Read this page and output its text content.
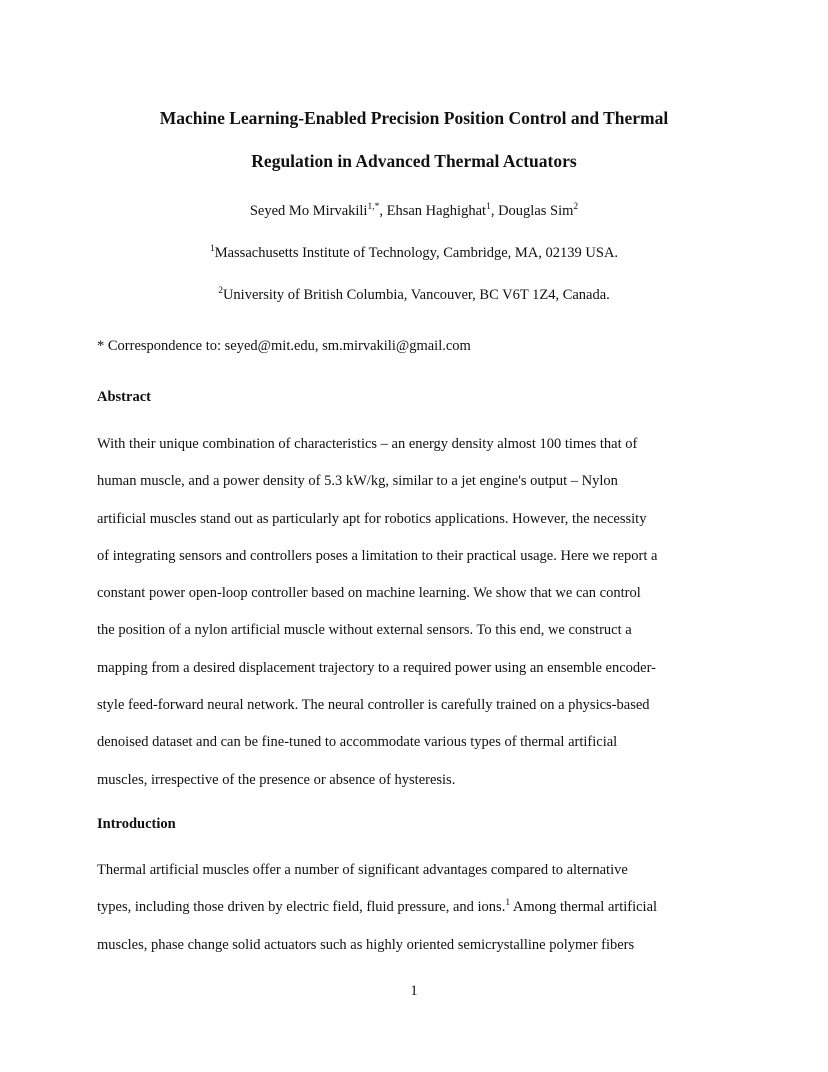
Machine Learning-Enabled Precision Position Control and Thermal
Regulation in Advanced Thermal Actuators
Seyed Mo Mirvakili$^{1,*}$, Ehsan Haghighat$^1$, Douglas Sim$^2$
$^1$Massachusetts Institute of Technology, Cambridge, MA, 02139 USA.
$^2$University of British Columbia, Vancouver, BC V6T 1Z4, Canada.
* Correspondence to: seyed@mit.edu, sm.mirvakili@gmail.com
Abstract
With their unique combination of characteristics – an energy density almost 100 times that of
human muscle, and a power density of 5.3 kW/kg, similar to a jet engine's output – Nylon
artificial muscles stand out as particularly apt for robotics applications. However, the necessity
of integrating sensors and controllers poses a limitation to their practical usage. Here we report a
constant power open-loop controller based on machine learning. We show that we can control
the position of a nylon artificial muscle without external sensors. To this end, we construct a
mapping from a desired displacement trajectory to a required power using an ensemble encoder-
style feed-forward neural network. The neural controller is carefully trained on a physics-based
denoised dataset and can be fine-tuned to accommodate various types of thermal artificial
muscles, irrespective of the presence or absence of hysteresis.
Introduction
Thermal artificial muscles offer a number of significant advantages compared to alternative
types, including those driven by electric field, fluid pressure, and ions.$^1$ Among thermal artificial
muscles, phase change solid actuators such as highly oriented semicrystalline polymer fibers
1
